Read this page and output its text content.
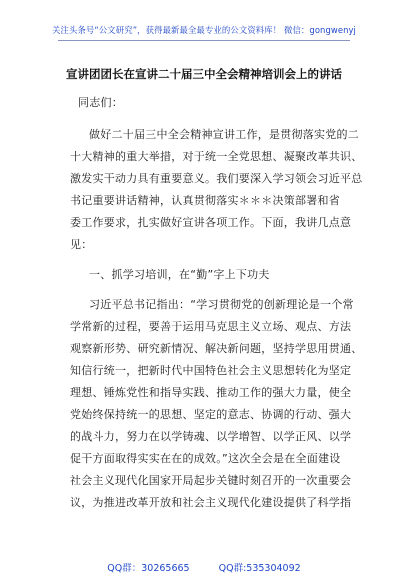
关注头条号“公文研究”，获得最新最全最专业的公文资料库！ 微信：gongwenyj
宣讲团团长在宣讲二十届三中全会精神培训会上的讲话
同志们：
做好二十届三中全会精神宣讲工作，是贯彻落实党的二
十大精神的重大举措，对于统一全党思想、凝聚改革共识、
激发实干动力具有重要意义。我们要深入学习领会习近平总
书记重要讲话精神，认真贯彻落实＊＊＊决策部署和省
委工作要求，扎实做好宣讲各项工作。下面，我讲几点意
见：
一、抓学习培训，在“勤”字上下功夫
习近平总书记指出：“学习贯彻党的创新理论是一个常
学常新的过程，要善于运用马克思主义立场、观点、方法
观察新形势、研究新情况、解决新问题，坚持学思用贯通、
知信行统一，把新时代中国特色社会主义思想转化为坚定
理想、锤炼党性和指导实践、推动工作的强大力量，使全
党始终保持统一的思想、坚定的意志、协调的行动、强大
的战斗力，努力在以学铸魂、以学增智、以学正风、以学
促干方面取得实实在在的成效。”这次全会是在全面建设
社会主义现代化国家开局起步关键时刻召开的一次重要会
议，为推进改革开放和社会主义现代化建设提供了科学指
QQ群：30265665	QQ群:535304092
